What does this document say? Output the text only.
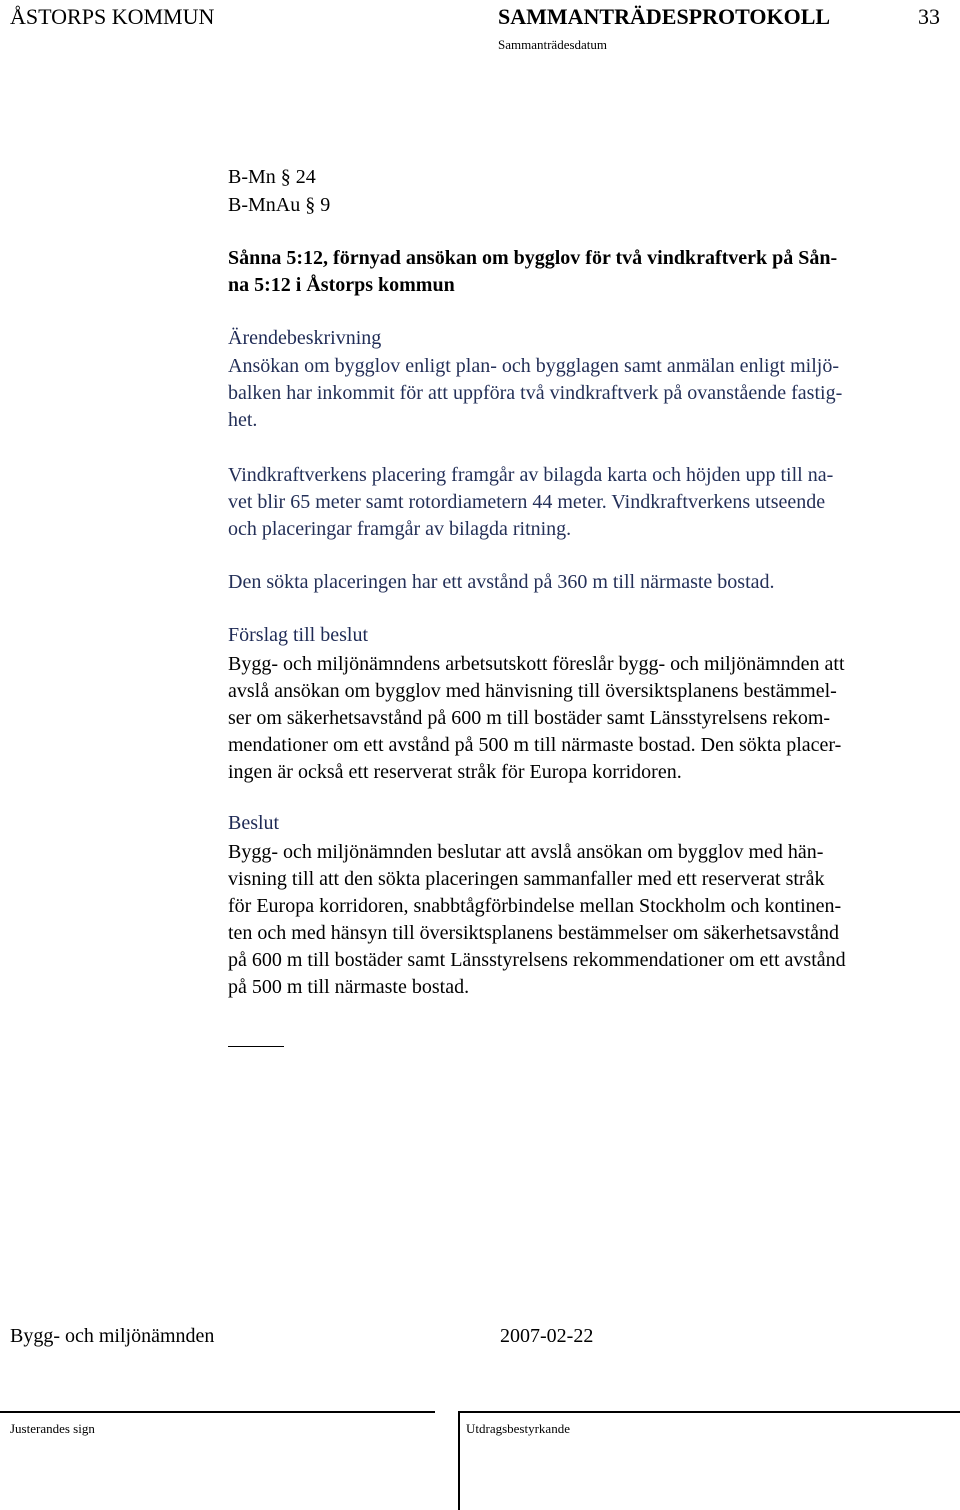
ÅSTORPS KOMMUN	SAMMANTRÄDESPROTOKOLL	33
Sammanträdesdatum
B-Mn § 24
B-MnAu § 9
Sånna 5:12, förnyad ansökan om bygglov för två vindkraftverk på Sån-
na 5:12 i Åstorps kommun
Ärendebeskrivning
Ansökan om bygglov enligt plan- och bygglagen samt anmälan enligt miljö-
balken har inkommit för att uppföra två vindkraftverk på ovanstående fastig-
het.
Vindkraftverkens placering framgår av bilagda karta och höjden upp till na-
vet blir 65 meter samt rotordiametern 44 meter. Vindkraftverkens utseende
och placeringar framgår av bilagda ritning.
Den sökta placeringen har ett avstånd på 360 m till närmaste bostad.
Förslag till beslut
Bygg- och miljönämndens arbetsutskott föreslår bygg- och miljönämnden att
avslå ansökan om bygglov med hänvisning till översiktsplanens bestämmel-
ser om säkerhetsavstånd på 600 m till bostäder samt Länsstyrelsens rekom-
mendationer om ett avstånd på 500 m till närmaste bostad. Den sökta placer-
ingen är också ett reserverat stråk för Europa korridoren.
Beslut
Bygg- och miljönämnden beslutar att avslå ansökan om bygglov med hän-
visning till att den sökta placeringen sammanfaller med ett reserverat stråk
för Europa korridoren, snabbtågförbindelse mellan Stockholm och kontinen-
ten och med hänsyn till översiktsplanens bestämmelser om säkerhetsavstånd
på 600 m till bostäder samt Länsstyrelsens rekommendationer om ett avstånd
på 500 m till närmaste bostad.
Bygg- och miljönämnden	2007-02-22
Justerandes sign	Utdragsbestyrkande
